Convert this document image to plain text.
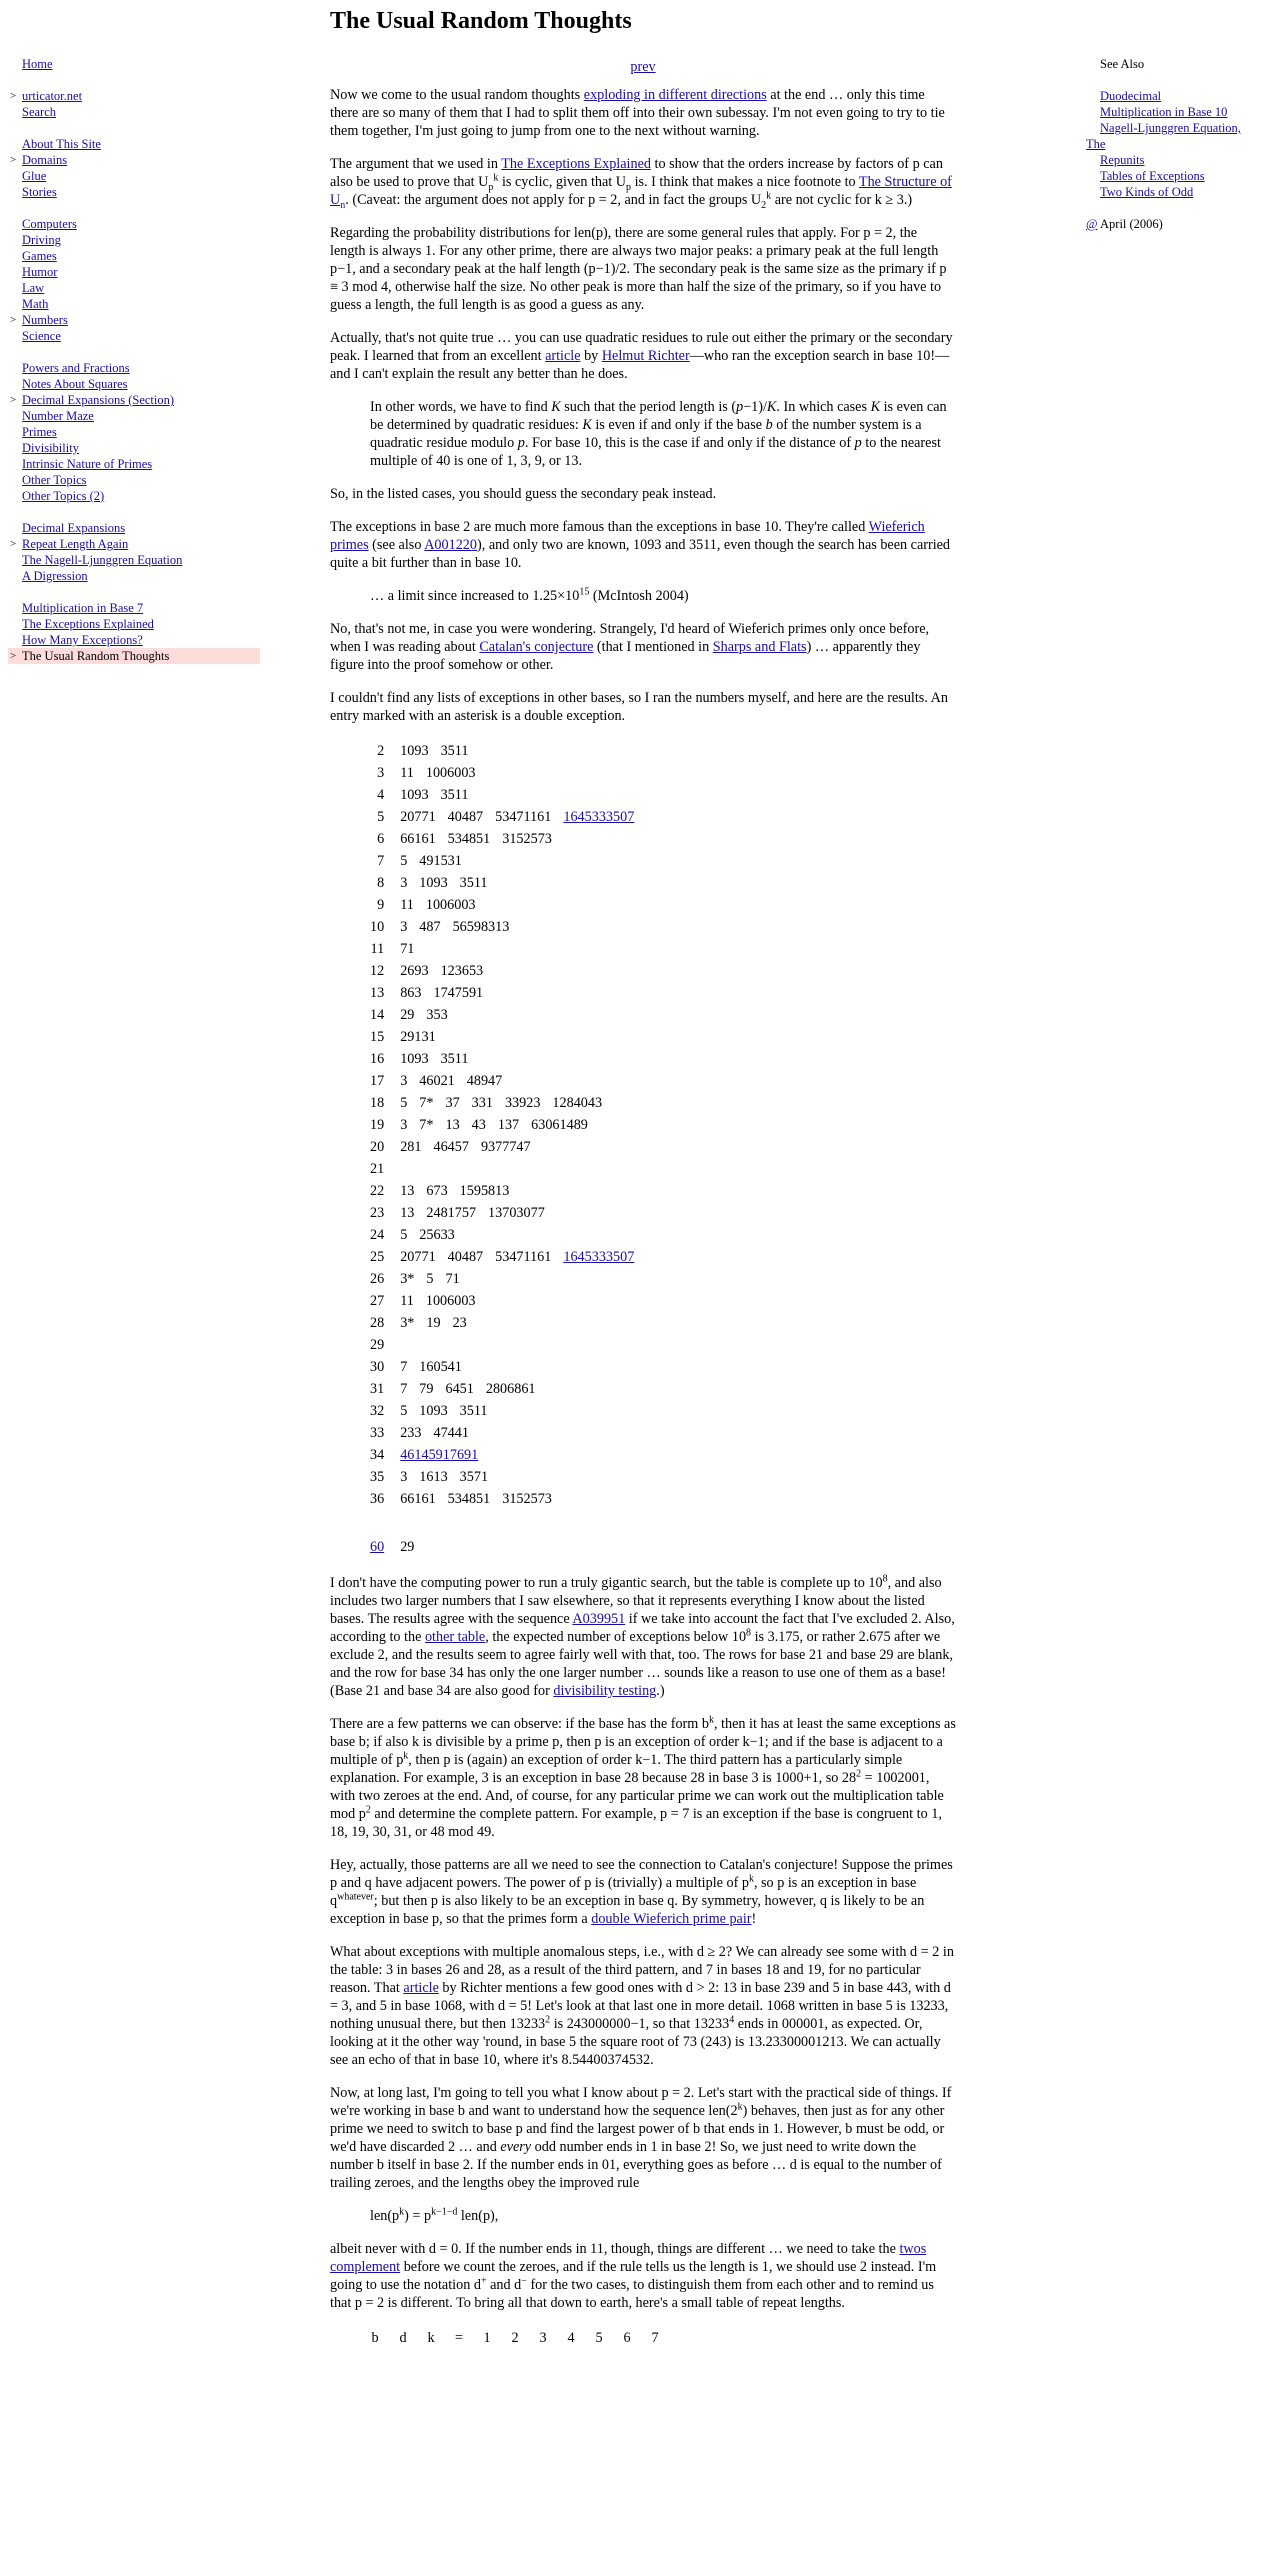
The Usual Random Thoughts
Home
> urticator.net
Search
About This Site
> Domains
Glue
Stories
Computers
Driving
Games
Humor
Law
Math
> Numbers
Science
Powers and Fractions
Notes About Squares
> Decimal Expansions (Section)
Number Maze
Primes
Divisibility
Intrinsic Nature of Primes
Other Topics
Other Topics (2)
Decimal Expansions
> Repeat Length Again
The Nagell-Ljunggren Equation
A Digression
Multiplication in Base 7
The Exceptions Explained
How Many Exceptions?
> The Usual Random Thoughts
See Also
Duodecimal
Multiplication in Base 10
Nagell-Ljunggren Equation,
The
Repunits
Tables of Exceptions
Two Kinds of Odd
@ April (2006)
prev

Now we come to the usual random thoughts exploding in different directions at the end … only this time there are so many of them that I had to split them off into their own subessay. I'm not even going to try to tie them together, I'm just going to jump from one to the next without warning.

The argument that we used in The Exceptions Explained to show that the orders increase by factors of p can also be used to prove that $U_p^k$ is cyclic, given that $U_p$ is. I think that makes a nice footnote to The Structure of $U_n$. (Caveat: the argument does not apply for p = 2, and in fact the groups $U_2^k$ are not cyclic for k ≥ 3.)

Regarding the probability distributions for len(p), there are some general rules that apply. For p = 2, the length is always 1. For any other prime, there are always two major peaks: a primary peak at the full length p−1, and a secondary peak at the half length (p−1)/2. The secondary peak is the same size as the primary if p ≡ 3 mod 4, otherwise half the size. No other peak is more than half the size of the primary, so if you have to guess a length, the full length is as good a guess as any.

Actually, that's not quite true … you can use quadratic residues to rule out either the primary or the secondary peak. I learned that from an excellent article by Helmut Richter—who ran the exception search in base 10!—and I can't explain the result any better than he does.

In other words, we have to find K such that the period length is (p−1)/K. In which cases K is even can be determined by quadratic residues: K is even if and only if the base b of the number system is a quadratic residue modulo p. For base 10, this is the case if and only if the distance of p to the nearest multiple of 40 is one of 1, 3, 9, or 13.

So, in the listed cases, you should guess the secondary peak instead.

The exceptions in base 2 are much more famous than the exceptions in base 10. They're called Wieferich primes (see also A001220), and only two are known, 1093 and 3511, even though the search has been carried quite a bit further than in base 10.

… a limit since increased to $1.25\times 10^{15}$ (McIntosh 2004)

No, that's not me, in case you were wondering. Strangely, I'd heard of Wieferich primes only once before, when I was reading about Catalan's conjecture (that I mentioned in Sharps and Flats) … apparently they figure into the proof somehow or other.

I couldn't find any lists of exceptions in other bases, so I ran the numbers myself, and here are the results. An entry marked with an asterisk is a double exception.

2	1093 3511
3	11 1006003
4	1093 3511
5	20771 40487 53471161 1645333507
6	66161 534851 3152573
7	5 491531
8	3 1093 3511
9	11 1006003
10	3 487 56598313
11	71
12	2693 123653
13	863 1747591
14	29 353
15	29131
16	1093 3511
17	3 46021 48947
18	5 7* 37 331 33923 1284043
19	3 7* 13 43 137 63061489
20	281 46457 9377747
21	
22	13 673 1595813
23	13 2481757 13703077
24	5 25633
25	20771 40487 53471161 1645333507
26	3* 5 71
27	11 1006003
28	3* 19 23
29	
30	7 160541
31	7 79 6451 2806861
32	5 1093 3511
33	233 47441
34	46145917691
35	3 1613 3571
36	66161 534851 3152573

60	29

I don't have the computing power to run a truly gigantic search, but the table is complete up to $10^8$, and also includes two larger numbers that I saw elsewhere, so that it represents everything I know about the listed bases. The results agree with the sequence A039951 if we take into account the fact that I've excluded 2. Also, according to the other table, the expected number of exceptions below $10^8$ is 3.175, or rather 2.675 after we exclude 2, and the results seem to agree fairly well with that, too. The rows for base 21 and base 29 are blank, and the row for base 34 has only the one larger number … sounds like a reason to use one of them as a base! (Base 21 and base 34 are also good for divisibility testing.)

There are a few patterns we can observe: if the base has the form $b^k$, then it has at least the same exceptions as base b; if also k is divisible by a prime p, then p is an exception of order k−1; and if the base is adjacent to a multiple of $p^k$, then p is (again) an exception of order k−1. The third pattern has a particularly simple explanation. For example, 3 is an exception in base 28 because 28 in base 3 is 1000+1, so $28^2 = 1002001$, with two zeroes at the end. And, of course, for any particular prime we can work out the multiplication table mod $p^2$ and determine the complete pattern. For example, p = 7 is an exception if the base is congruent to 1, 18, 19, 30, 31, or 48 mod 49.

Hey, actually, those patterns are all we need to see the connection to Catalan's conjecture! Suppose the primes p and q have adjacent powers. The power of p is (trivially) a multiple of $p^k$, so p is an exception in base $q^{whatever}$; but then p is also likely to be an exception in base q. By symmetry, however, q is likely to be an exception in base p, so that the primes form a double Wieferich prime pair!

What about exceptions with multiple anomalous steps, i.e., with d ≥ 2? We can already see some with d = 2 in the table: 3 in bases 26 and 28, as a result of the third pattern, and 7 in bases 18 and 19, for no particular reason. That article by Richter mentions a few good ones with d > 2: 13 in base 239 and 5 in base 443, with d = 3, and 5 in base 1068, with d = 5! Let's look at that last one in more detail. 1068 written in base 5 is 13233, nothing unusual there, but then 13233$^2$ is 243000000−1, so that 13233$^4$ ends in 000001, as expected. Or, looking at it the other way 'round, in base 5 the square root of 73 (243) is 13.23300001213. We can actually see an echo of that in base 10, where it's 8.54400374532.

Now, at long last, I'm going to tell you what I know about p = 2. Let's start with the practical side of things. If we're working in base b and want to understand how the sequence len(2$^k$) behaves, then just as for any other prime we need to switch to base p and find the largest power of b that ends in 1. However, b must be odd, or we'd have discarded 2 … and every odd number ends in 1 in base 2! So, we just need to write down the number b itself in base 2. If the number ends in 01, everything goes as before … d is equal to the number of trailing zeroes, and the lengths obey the improved rule

$len(p^k) = p^{k-1-d}$ len(p),

albeit never with d = 0. If the number ends in 11, though, things are different … we need to take the twos complement before we count the zeroes, and if the rule tells us the length is 1, we should use 2 instead. I'm going to use the notation d+ and d− for the two cases, to distinguish them from each other and to remind us that p = 2 is different. To bring all that down to earth, here's a small table of repeat lengths.

b	d	k	=	1	2	3	4	5	6	7
